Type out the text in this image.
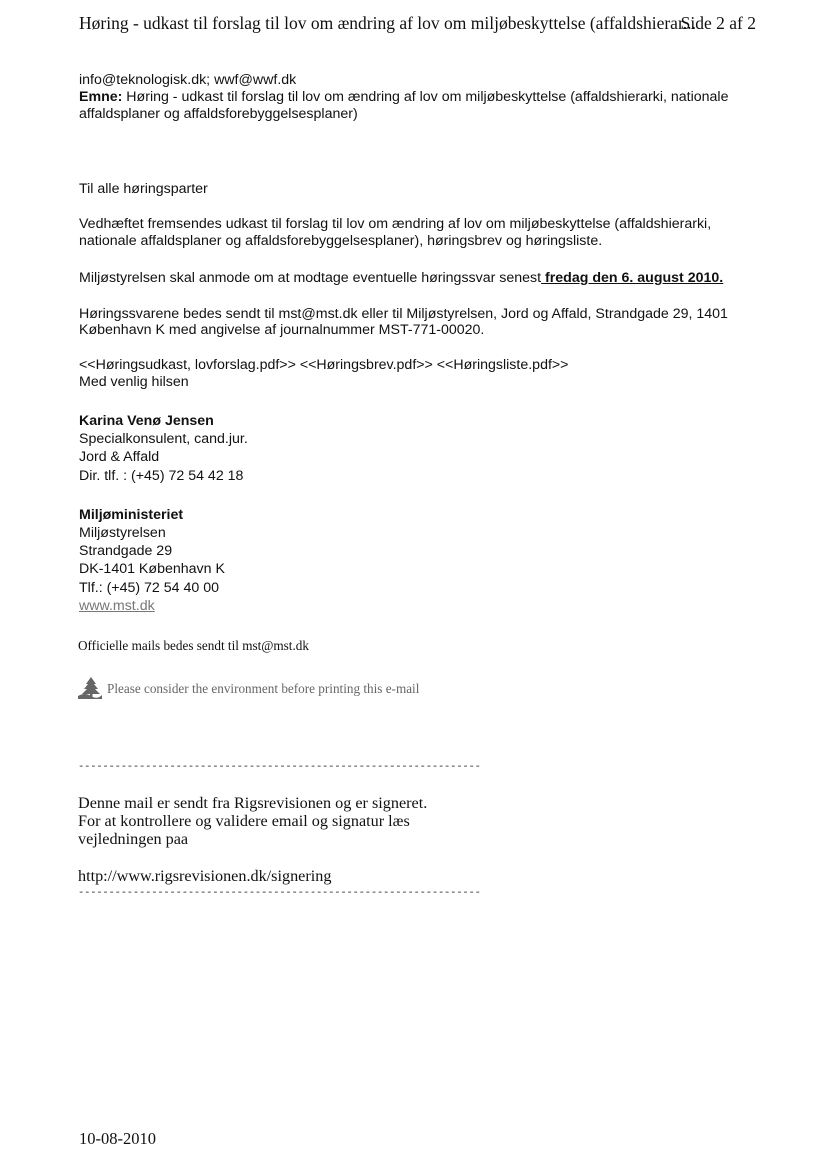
Høring - udkast til forslag til lov om ændring af lov om miljøbeskyttelse (affaldshierar...
Side 2 af 2
info@teknologisk.dk; wwf@wwf.dk
Emne: Høring - udkast til forslag til lov om ændring af lov om miljøbeskyttelse (affaldshierarki, nationale
affaldsplaner og affaldsforebyggelsesplaner)
Til alle høringsparter
Vedhæftet fremsendes udkast til forslag til lov om ændring af lov om miljøbeskyttelse (affaldshierarki,
nationale affaldsplaner og affaldsforebyggelsesplaner), høringsbrev og høringsliste.
Miljøstyrelsen skal anmode om at modtage eventuelle høringssvar senest fredag den 6. august 2010.
Høringssvarene bedes sendt til mst@mst.dk eller til Miljøstyrelsen, Jord og Affald, Strandgade 29, 1401
København K med angivelse af journalnummer MST-771-00020.
<<Høringsudkast, lovforslag.pdf>> <<Høringsbrev.pdf>> <<Høringsliste.pdf>>
Med venlig hilsen
Karina Venø Jensen
Specialkonsulent, cand.jur.
Jord & Affald
Dir. tlf. : (+45) 72 54 42 18
Miljøministeriet
Miljøstyrelsen
Strandgade 29
DK-1401 København K
Tlf.: (+45) 72 54 40 00
www.mst.dk
Officielle mails bedes sendt til mst@mst.dk
Please consider the environment before printing this e-mail
------------------------------------------------------------------
Denne mail er sendt fra Rigsrevisionen og er signeret.
For at kontrollere og validere email og signatur læs
vejledningen paa
http://www.rigsrevisionen.dk/signering
------------------------------------------------------------------
10-08-2010
